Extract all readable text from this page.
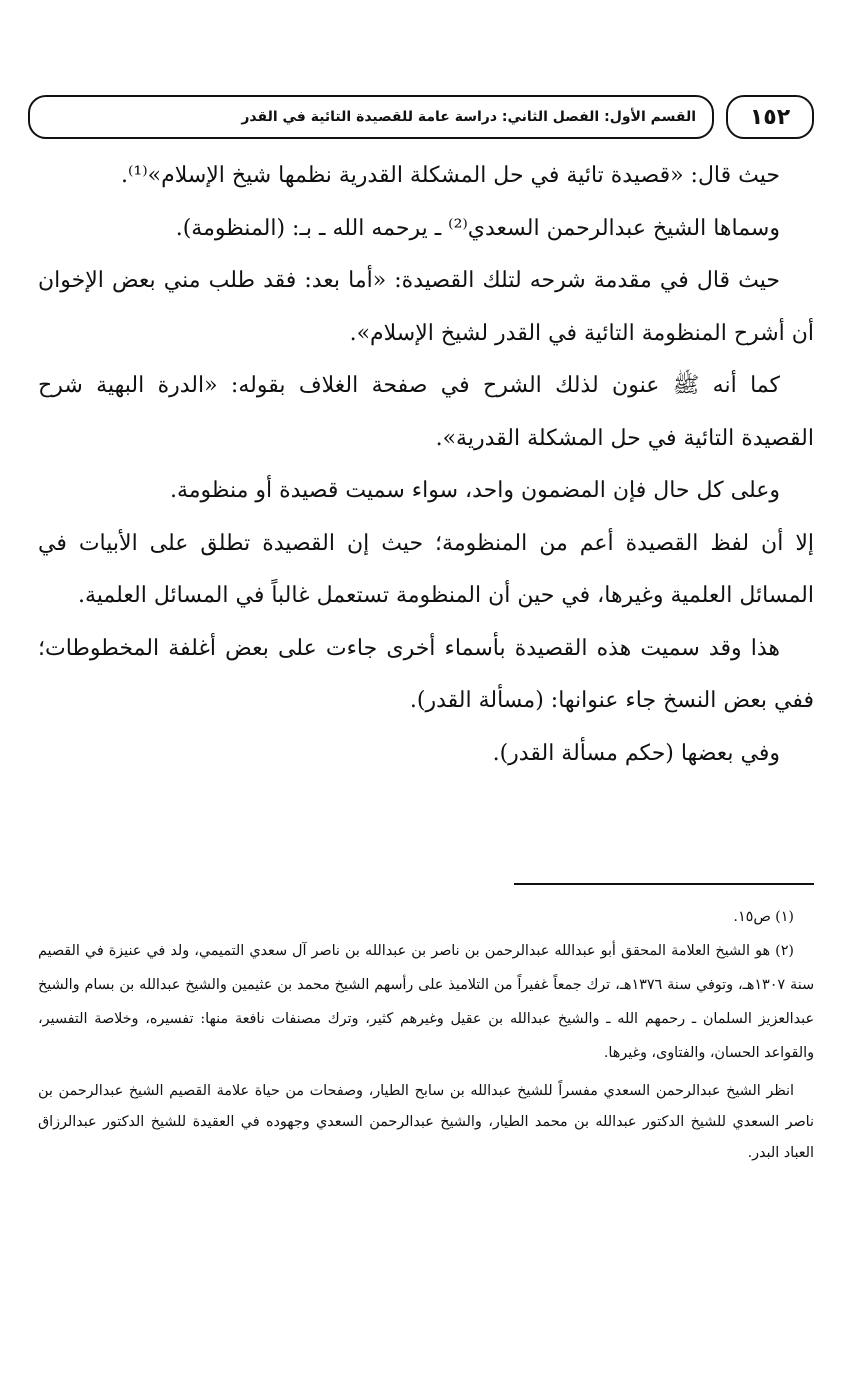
القسم الأول: الفصل الثاني: دراسة عامة للقصيدة التائية في القدر ١٥٢

حيث قال: «قصيدة تائية في حل المشكلة القدرية نظمها شيخ الإسلام»⁽¹⁾.

وسماها الشيخ عبدالرحمن السعدي⁽²⁾ ـ يرحمه الله ـ بـ: (المنظومة).

حيث قال في مقدمة شرحه لتلك القصيدة: «أما بعد: فقد طلب مني بعض الإخوان أن أشرح المنظومة التائية في القدر لشيخ الإسلام».

كما أنه ﷺ عنون لذلك الشرح في صفحة الغلاف بقوله: «الدرة البهية شرح القصيدة التائية في حل المشكلة القدرية».

وعلى كل حال فإن المضمون واحد، سواء سميت قصيدة أو منظومة.

إلا أن لفظ القصيدة أعم من المنظومة؛ حيث إن القصيدة تطلق على الأبيات في المسائل العلمية وغيرها، في حين أن المنظومة تستعمل غالباً في المسائل العلمية.

هذا وقد سميت هذه القصيدة بأسماء أخرى جاءت على بعض أغلفة المخطوطات؛ ففي بعض النسخ جاء عنوانها: (مسألة القدر).

وفي بعضها (حكم مسألة القدر).

(١) ص١٥.

(٢) هو الشيخ العلامة المحقق أبو عبدالله عبدالرحمن بن ناصر بن عبدالله بن ناصر آل سعدي التميمي، ولد في عنيزة في القصيم سنة ١٣٠٧هـ، وتوفي سنة ١٣٧٦هـ، ترك جمعاً غفيراً من التلاميذ على رأسهم الشيخ محمد بن عثيمين والشيخ عبدالله بن بسام والشيخ عبدالعزيز السلمان ـ رحمهم الله ـ والشيخ عبدالله بن عقيل وغيرهم كثير، وترك مصنفات نافعة منها: تفسيره، وخلاصة التفسير، والقواعد الحسان، والفتاوى، وغيرها.

انظر الشيخ عبدالرحمن السعدي مفسراً للشيخ عبدالله بن سابح الطيار، وصفحات من حياة علامة القصيم الشيخ عبدالرحمن بن ناصر السعدي للشيخ الدكتور عبدالله بن محمد الطيار، والشيخ عبدالرحمن السعدي وجهوده في العقيدة للشيخ الدكتور عبدالرزاق العباد البدر.
